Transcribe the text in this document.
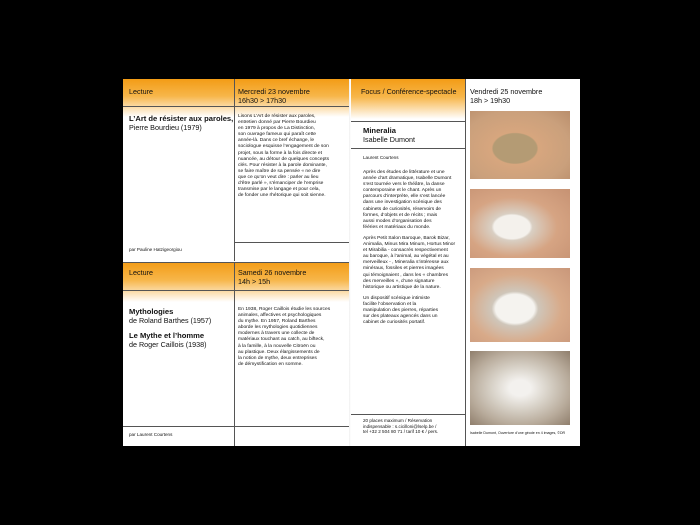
Lecture	Mercredi 23 novembre
16h30 > 17h30
L’Art de résister aux paroles,
Pierre Bourdieu (1979)
Lisons L’Art de résister aux paroles,
entretien donné par Pierre Bourdieu
en 1979 à propos de La Distinction,
son ouvrage fameux qui paraît cette
année-là. Dans ce bref échange, le
sociologue esquisse l’engagement de son
projet, sous la forme à la fois directe et
nuancée, au détour de quelques concepts
clés. Pour résister à la parole dominante,
se faire maître de sa pensée « ne dire
que ce qu’on veut dire : parler au lieu
d’être parlé », s’émanciper de l’emprise
transmise par le langage et pour cela,
de fonder une rhétorique qui soit sienne.
par Pauline Hatzigeorgiou
Lecture	Samedi 26 novembre
14h > 15h
Mythologies
de Roland Barthes (1957)
Le Mythe et l’homme
de Roger Caillois (1938)
En 1938, Roger Caillois étudie les sources
animales, affectives et psychologiques
du mythe. En 1957, Roland Barthes
aborde les mythologies quotidiennes
modernes à travers une collecte de
matériaux touchant au catch, au bifteck,
à la famille, à la nouvelle Citroën ou
au plastique. Deux élargissements de
la notion de mythe, deux entreprises
de démystification en somme.
par Laurent Courtens
Focus / Conférence-spectacle Vendredi 25 novembre
18h > 19h30
Mineralia
Isabelle Dumont
Laurent Courtens
Après des études de littérature et une
année d’art dramatique, Isabelle Dumont
s’est tournée vers le théâtre, la danse
contemporaine et le chant. Après un
parcours d’interprète, elle s’est lancée
dans une investigation scénique des
cabinets de curiosités, réservoirs de
formes, d’objets et de récits ; mais
aussi modes d’organisation des
fééries et matériaux du monde.
Après Petit Salon Baroque, Barok Bizar,
Animalia, Minus Mira Minum, Hortus Minor
et Mirabilia - consacrés respectivement
au baroque, à l’animal, au végétal et au
merveilleux - , Mineralia s’intéresse aux
minéraux, fossiles et pierres imagées
qui témoignaient , dans les « chambres
des merveilles », d’une signature
historique ou artistique de la nature.
Un dispositif scénique intimiste
facilite l’observation et la
manipulation des pierres, réparties
sur des plateaux agencés dans un
cabinet de curiosités portatif.
20 places maximum / Réservation
indispensable : s.cicilloni@lselp.be /
tel +32 2 504 80 71 / tarif 10 € / pers.	Isabelle Dumont, Ouverture d’une géode en 4 images, ©DR
